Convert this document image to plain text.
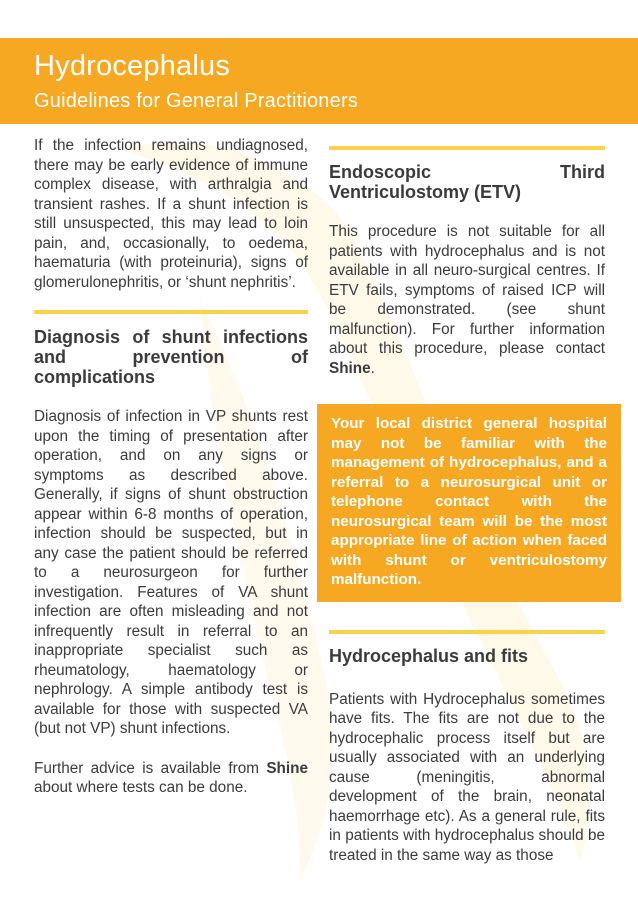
Hydrocephalus
Guidelines for General Practitioners

If the infection remains undiagnosed, there may be early evidence of immune complex disease, with arthralgia and transient rashes. If a shunt infection is still unsuspected, this may lead to loin pain, and, occasionally, to oedema, haematuria (with proteinuria), signs of glomerulonephritis, or ‘shunt nephritis’.

Diagnosis of shunt infections and prevention of complications

Diagnosis of infection in VP shunts rest upon the timing of presentation after operation, and on any signs or symptoms as described above. Generally, if signs of shunt obstruction appear within 6-8 months of operation, infection should be suspected, but in any case the patient should be referred to a neurosurgeon for further investigation. Features of VA shunt infection are often misleading and not infrequently result in referral to an inappropriate specialist such as rheumatology, haematology or nephrology. A simple antibody test is available for those with suspected VA (but not VP) shunt infections.

Further advice is available from Shine about where tests can be done.

Endoscopic Third Ventriculostomy (ETV)

This procedure is not suitable for all patients with hydrocephalus and is not available in all neuro-surgical centres. If ETV fails, symptoms of raised ICP will be demonstrated. (see shunt malfunction). For further information about this procedure, please contact Shine.

Your local district general hospital may not be familiar with the management of hydrocephalus, and a referral to a neurosurgical unit or telephone contact with the neurosurgical team will be the most appropriate line of action when faced with shunt or ventriculostomy malfunction.
Hydrocephalus and fits

Patients with Hydrocephalus sometimes have fits. The fits are not due to the hydrocephalic process itself but are usually associated with an underlying cause (meningitis, abnormal development of the brain, neonatal haemorrhage etc). As a general rule, fits in patients with hydrocephalus should be treated in the same way as those
